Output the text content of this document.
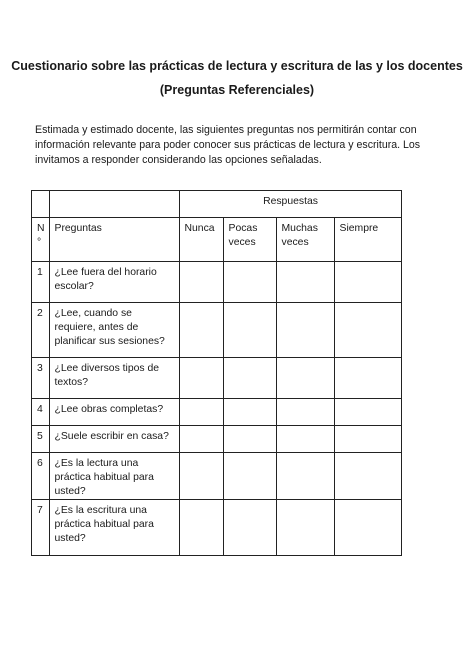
Cuestionario sobre las prácticas de lectura y escritura de las y los docentes
(Preguntas Referenciales)
Estimada y estimado docente, las siguientes preguntas nos permitirán contar con información relevante para poder conocer sus prácticas de lectura y escritura. Los invitamos a responder considerando las opciones señaladas.
		Respuestas			
N °	Preguntas	Nunca	Pocas veces	Muchas veces	Siempre
1	¿Lee fuera del horario escolar?				
2	¿Lee, cuando se requiere, antes de planificar sus sesiones?				
3	¿Lee diversos tipos de textos?				
4	¿Lee obras completas?				
5	¿Suele escribir en casa?				
6	¿Es la lectura una práctica habitual para usted?				
7	¿Es la escritura una práctica habitual para usted?				
